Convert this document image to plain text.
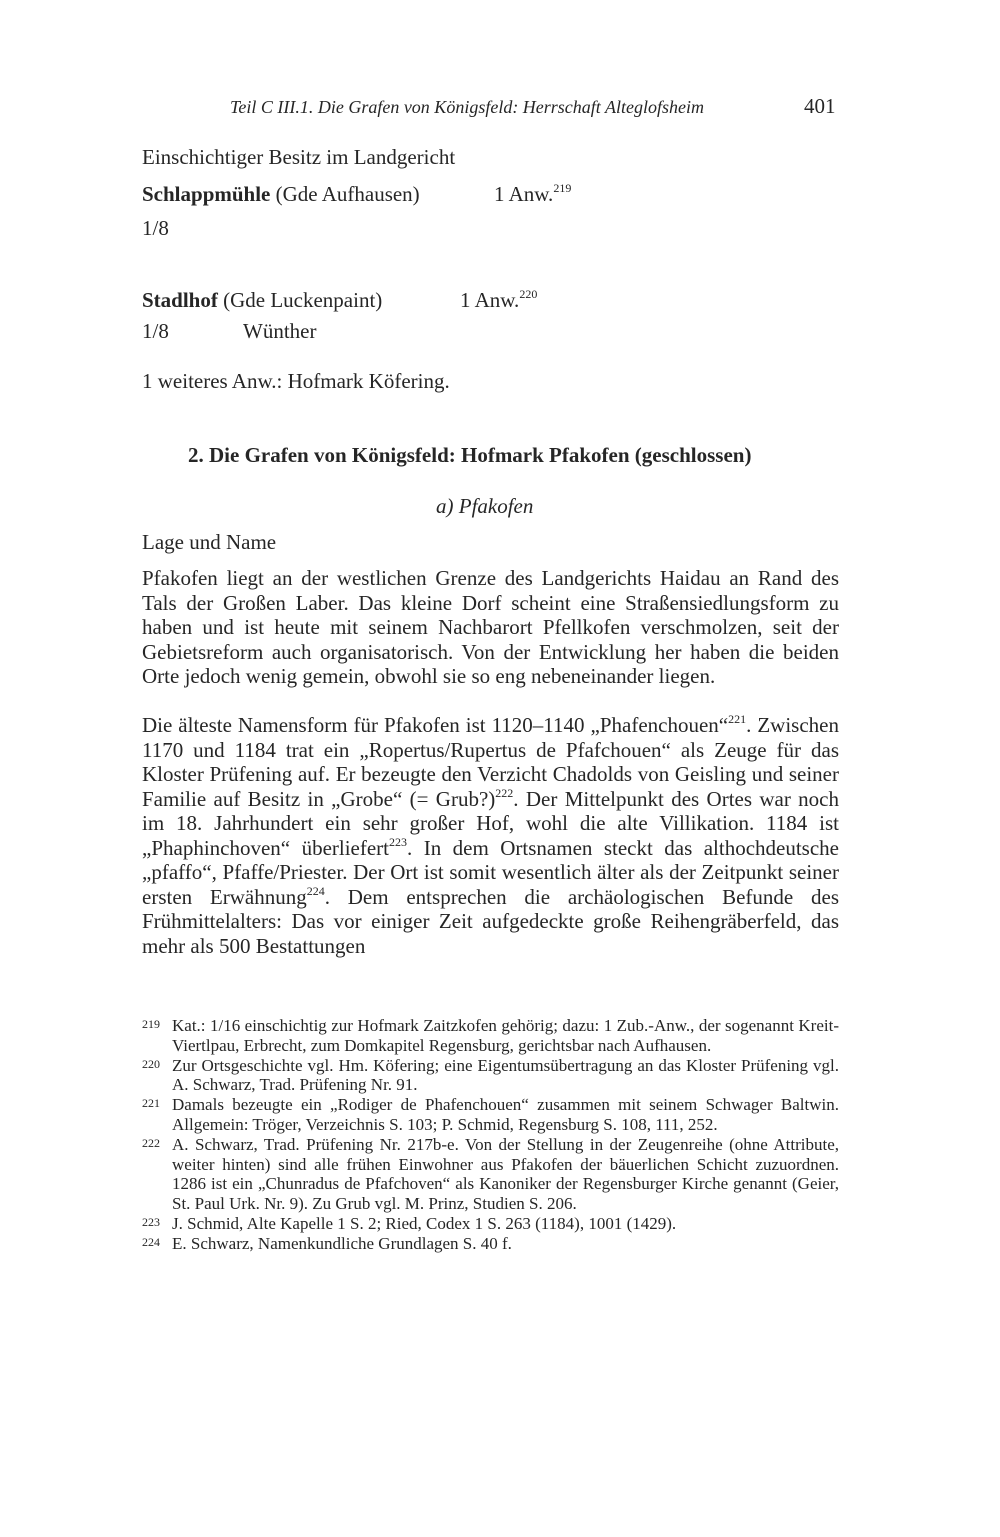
Teil C III.1. Die Grafen von Königsfeld: Herrschaft Alteglofsheim	401
Einschichtiger Besitz im Landgericht
Schlappmühle (Gde Aufhausen)	1 Anw.$^{219}$
1/8
Stadlhof (Gde Luckenpaint)	1 Anw.$^{220}$
1/8	Wünther
1 weiteres Anw.: Hofmark Köfering.
2. Die Grafen von Königsfeld: Hofmark Pfakofen (geschlossen)
a) Pfakofen
Lage und Name
Pfakofen liegt an der westlichen Grenze des Landgerichts Haidau an Rand des Tals der Großen Laber. Das kleine Dorf scheint eine Straßensiedlungsform zu haben und ist heute mit seinem Nachbarort Pfellkofen verschmolzen, seit der Gebietsreform auch organisatorisch. Von der Entwicklung her haben die beiden Orte jedoch wenig gemein, obwohl sie so eng nebeneinander liegen.
Die älteste Namensform für Pfakofen ist 1120–1140 „Phafenchouen“$^{221}$. Zwischen 1170 und 1184 trat ein „Ropertus/Rupertus de Pfafchouen“ als Zeuge für das Kloster Prüfening auf. Er bezeugte den Verzicht Chadolds von Geisling und seiner Familie auf Besitz in „Grobe“ (= Grub?)$^{222}$. Der Mittelpunkt des Ortes war noch im 18. Jahrhundert ein sehr großer Hof, wohl die alte Villikation. 1184 ist „Phaphinchoven“ überliefert$^{223}$. In dem Ortsnamen steckt das althochdeutsche „pfaffo“, Pfaffe/Priester. Der Ort ist somit wesentlich älter als der Zeitpunkt seiner ersten Erwähnung$^{224}$. Dem entsprechen die archäologischen Befunde des Frühmittelalters: Das vor einiger Zeit aufgedeckte große Reihengräberfeld, das mehr als 500 Bestattungen
219 Kat.: 1/16 einschichtig zur Hofmark Zaitzkofen gehörig; dazu: 1 Zub.-Anw., der sogenannt Kreit-Viertlpau, Erbrecht, zum Domkapitel Regensburg, gerichtsbar nach Aufhausen.
220 Zur Ortsgeschichte vgl. Hm. Köfering; eine Eigentumsübertragung an das Kloster Prüfening vgl. A. Schwarz, Trad. Prüfening Nr. 91.
221 Damals bezeugte ein „Rodiger de Phafenchouen“ zusammen mit seinem Schwager Baltwin. Allgemein: Tröger, Verzeichnis S. 103; P. Schmid, Regensburg S. 108, 111, 252.
222 A. Schwarz, Trad. Prüfening Nr. 217b-e. Von der Stellung in der Zeugenreihe (ohne Attribute, weiter hinten) sind alle frühen Einwohner aus Pfakofen der bäuerlichen Schicht zuzuordnen. 1286 ist ein „Chunradus de Pfafchoven“ als Kanoniker der Regensburger Kirche genannt (Geier, St. Paul Urk. Nr. 9). Zu Grub vgl. M. Prinz, Studien S. 206.
223 J. Schmid, Alte Kapelle 1 S. 2; Ried, Codex 1 S. 263 (1184), 1001 (1429).
224 E. Schwarz, Namenkundliche Grundlagen S. 40 f.
